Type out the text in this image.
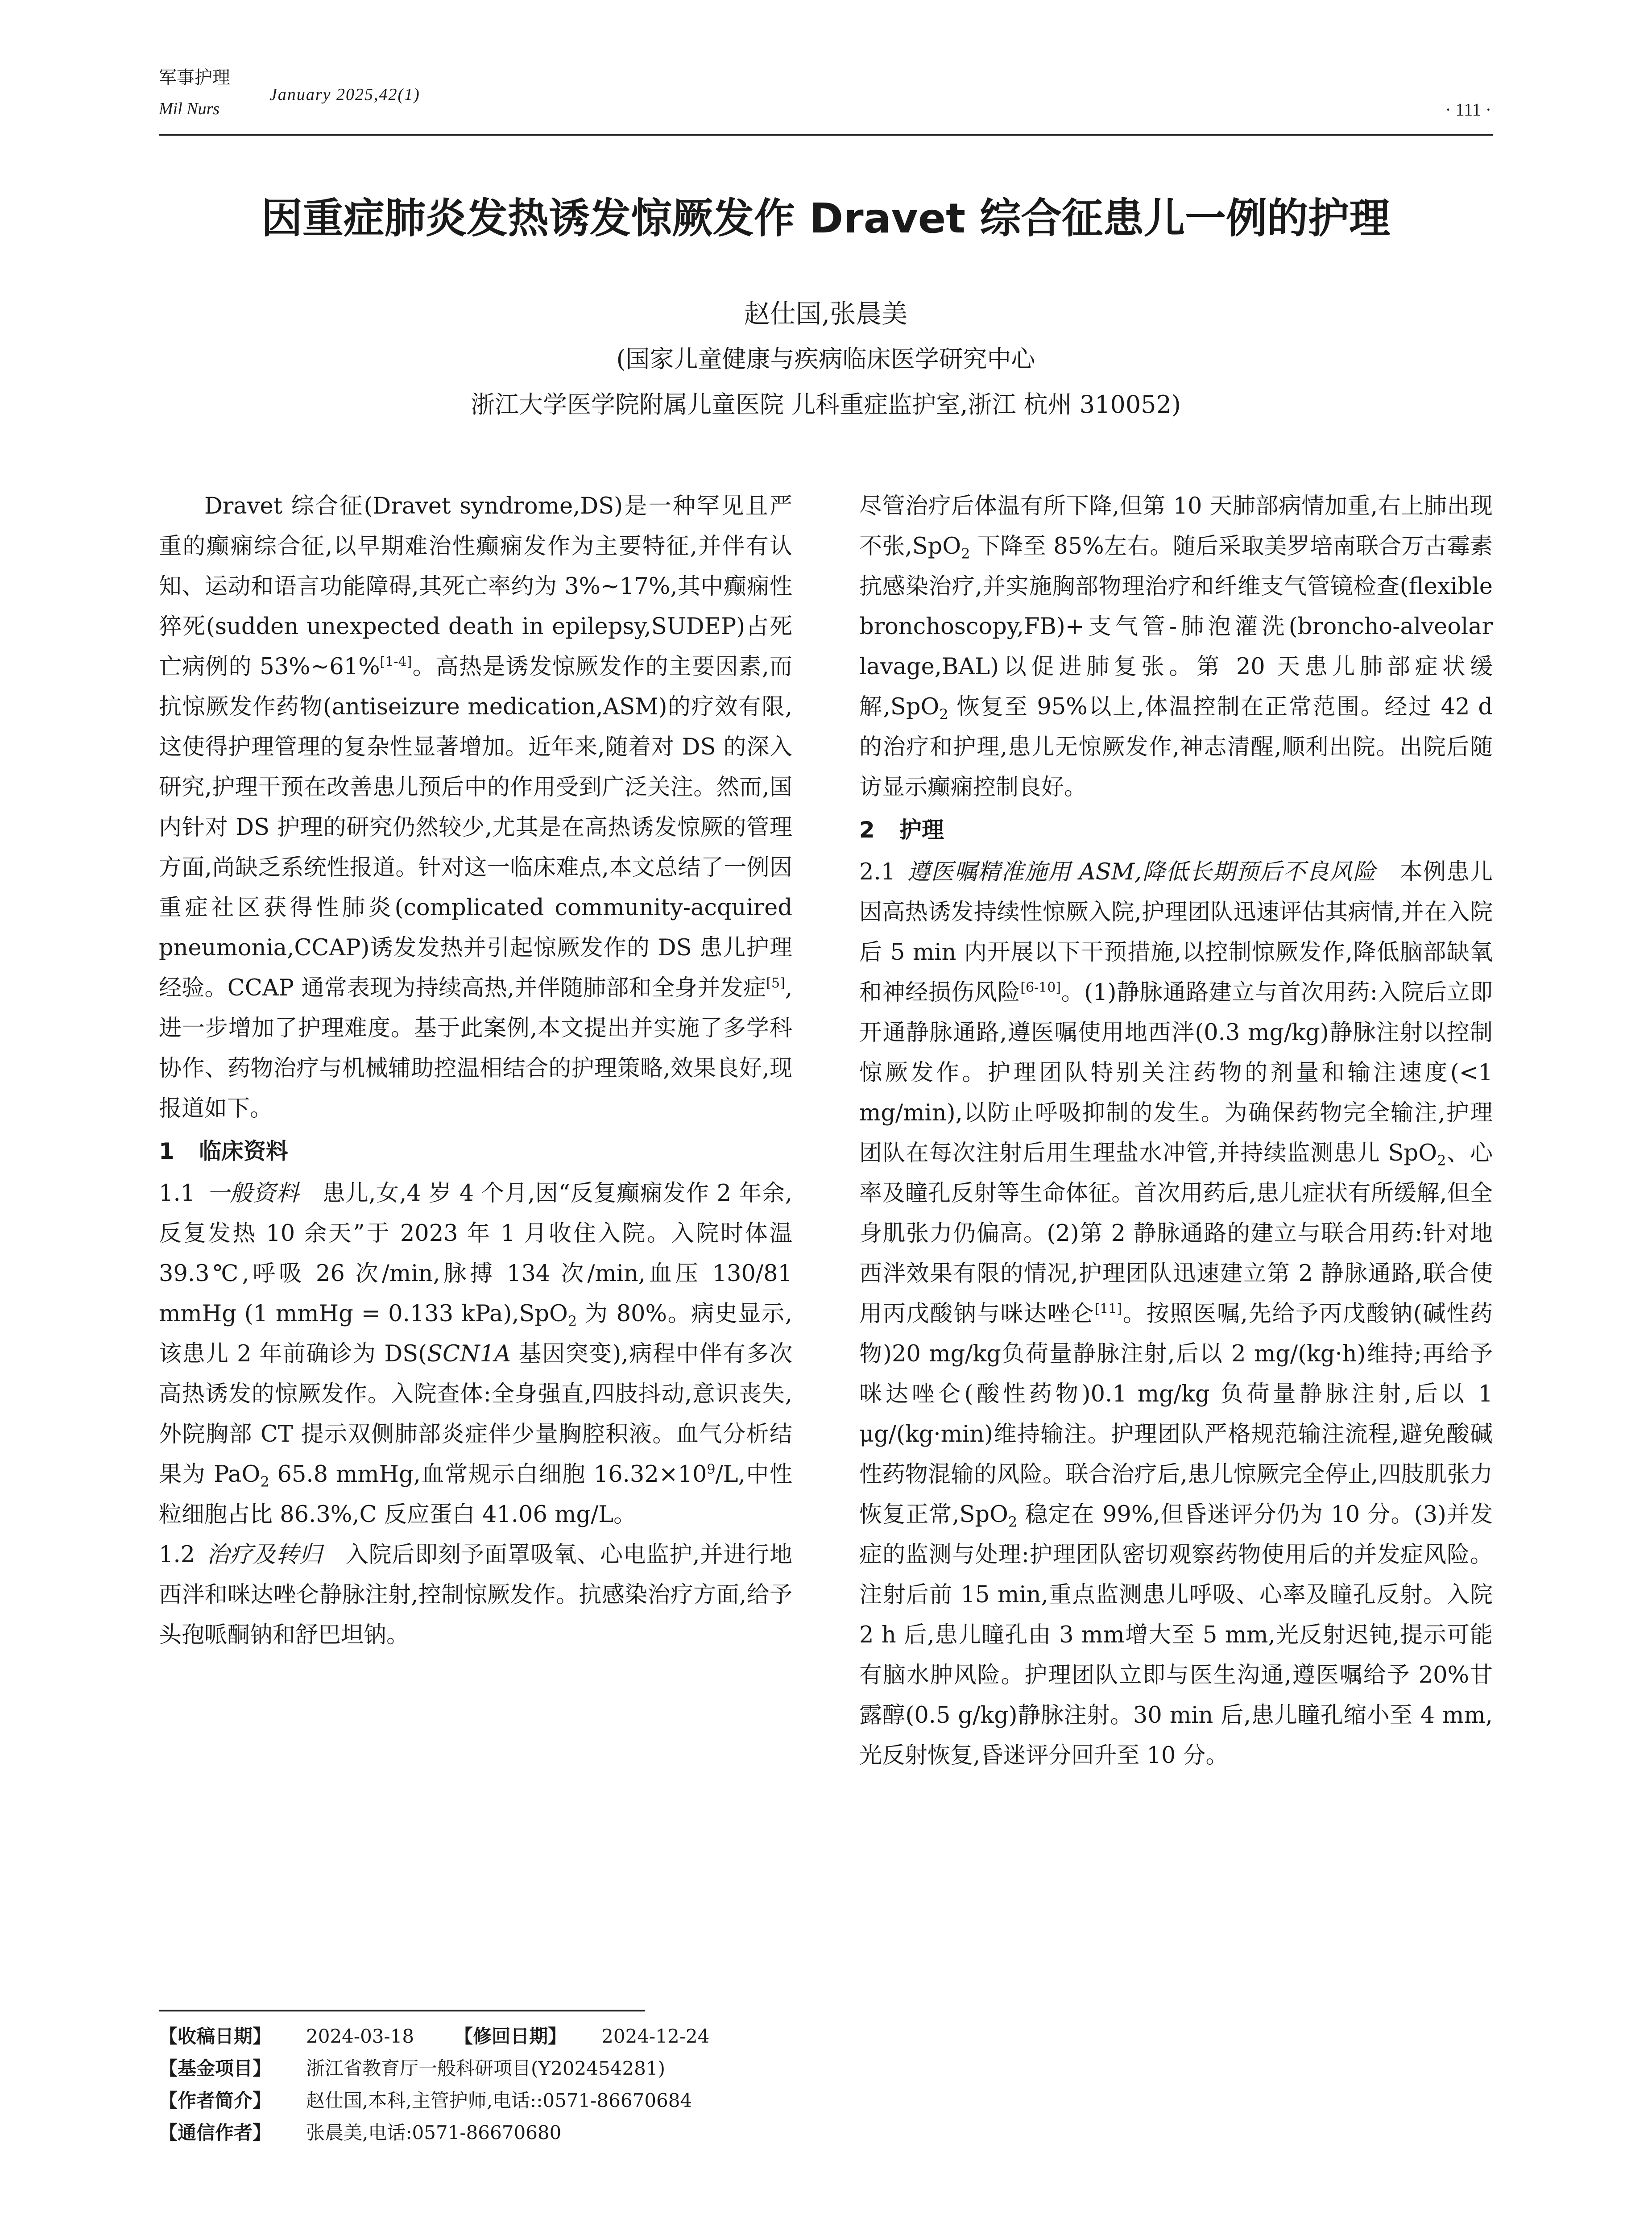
军事护理
Mil Nurs
January 2025,42(1)
· 111 ·
因重症肺炎发热诱发惊厥发作 Dravet 综合征患儿一例的护理
赵仕国,张晨美
(国家儿童健康与疾病临床医学研究中心
浙江大学医学院附属儿童医院 儿科重症监护室,浙江 杭州 310052)

Dravet 综合征(Dravet syndrome,DS)是一种罕见且严重的癫痫综合征,以早期难治性癫痫发作为主要特征,并伴有认知、运动和语言功能障碍,其死亡率约为 3%~17%,其中癫痫性猝死(sudden unexpected death in epilepsy,SUDEP)占死亡病例的 53%~61%[1-4]。高热是诱发惊厥发作的主要因素,而抗惊厥发作药物(antiseizure medication,ASM)的疗效有限,这使得护理管理的复杂性显著增加。近年来,随着对 DS 的深入研究,护理干预在改善患儿预后中的作用受到广泛关注。然而,国内针对 DS 护理的研究仍然较少,尤其是在高热诱发惊厥的管理方面,尚缺乏系统性报道。针对这一临床难点,本文总结了一例因重症社区获得性肺炎(complicated community-acquired pneumonia,CCAP)诱发发热并引起惊厥发作的 DS 患儿护理经验。CCAP 通常表现为持续高热,并伴随肺部和全身并发症[5],进一步增加了护理难度。基于此案例,本文提出并实施了多学科协作、药物治疗与机械辅助控温相结合的护理策略,效果良好,现报道如下。

1 临床资料

1.1  一般资料  患儿,女,4 岁 4 个月,因“反复癫痫发作 2 年余,反复发热 10 余天”于 2023 年 1 月收住入院。入院时体温 39.3℃,呼吸 26 次/min,脉搏 134 次/min,血压 130/81 mmHg (1 mmHg = 0.133 kPa),SpO$_2$ 为 80%。病史显示,该患儿 2 年前确诊为 DS(SCN1A 基因突变),病程中伴有多次高热诱发的惊厥发作。入院查体:全身强直,四肢抖动,意识丧失,外院胸部 CT 提示双侧肺部炎症伴少量胸腔积液。血气分析结果为 PaO$_2$ 65.8 mmHg,血常规示白细胞 $16.32\times 10^9/L$,中性粒细胞占比 86.3%,C 反应蛋白 41.06 mg/L。

1.2  治疗及转归  入院后即刻予面罩吸氧、心电监护,并进行地西泮和咪达唑仑静脉注射,控制惊厥发作。抗感染治疗方面,给予头孢哌酮钠和舒巴坦钠。

尽管治疗后体温有所下降,但第 10 天肺部病情加重,右上肺出现不张,SpO$_2$ 下降至 85%左右。随后采取美罗培南联合万古霉素抗感染治疗,并实施胸部物理治疗和纤维支气管镜检查(flexible bronchoscopy,FB)+支气管-肺泡灌洗(broncho-alveolar lavage,BAL)以促进肺复张。第 20 天患儿肺部症状缓解,SpO$_2$ 恢复至 95%以上,体温控制在正常范围。经过 42 d 的治疗和护理,患儿无惊厥发作,神志清醒,顺利出院。出院后随访显示癫痫控制良好。

2 护理

2.1  遵医嘱精准施用 ASM,降低长期预后不良风险  本例患儿因高热诱发持续性惊厥入院,护理团队迅速评估其病情,并在入院后 5 min 内开展以下干预措施,以控制惊厥发作,降低脑部缺氧和神经损伤风险[6-10]。(1)静脉通路建立与首次用药:入院后立即开通静脉通路,遵医嘱使用地西泮(0.3 mg/kg)静脉注射以控制惊厥发作。护理团队特别关注药物的剂量和输注速度(<1 mg/min),以防止呼吸抑制的发生。为确保药物完全输注,护理团队在每次注射后用生理盐水冲管,并持续监测患儿 SpO$_2$、心率及瞳孔反射等生命体征。首次用药后,患儿症状有所缓解,但全身肌张力仍偏高。(2)第 2 静脉通路的建立与联合用药:针对地西泮效果有限的情况,护理团队迅速建立第 2 静脉通路,联合使用丙戊酸钠与咪达唑仑[11]。按照医嘱,先给予丙戊酸钠(碱性药物)20 mg/kg负荷量静脉注射,后以 2 mg/(kg·h)维持;再给予咪达唑仑(酸性药物)0.1 mg/kg 负荷量静脉注射,后以 1 μg/(kg·min)维持输注。护理团队严格规范输注流程,避免酸碱性药物混输的风险。联合治疗后,患儿惊厥完全停止,四肢肌张力恢复正常,SpO$_2$ 稳定在 99%,但昏迷评分仍为 10 分。(3)并发症的监测与处理:护理团队密切观察药物使用后的并发症风险。注射后前 15 min,重点监测患儿呼吸、心率及瞳孔反射。入院 2 h 后,患儿瞳孔由 3 mm增大至 5 mm,光反射迟钝,提示可能有脑水肿风险。护理团队立即与医生沟通,遵医嘱给予 20%甘露醇(0.5 g/kg)静脉注射。30 min 后,患儿瞳孔缩小至 4 mm,光反射恢复,昏迷评分回升至 10 分。

【收稿日期】 2024-03-18 【修回日期】 2024-12-24
【基金项目】 浙江省教育厅一般科研项目(Y202454281)
【作者简介】 赵仕国,本科,主管护师,电话::0571-86670684
【通信作者】 张晨美,电话:0571-86670680
